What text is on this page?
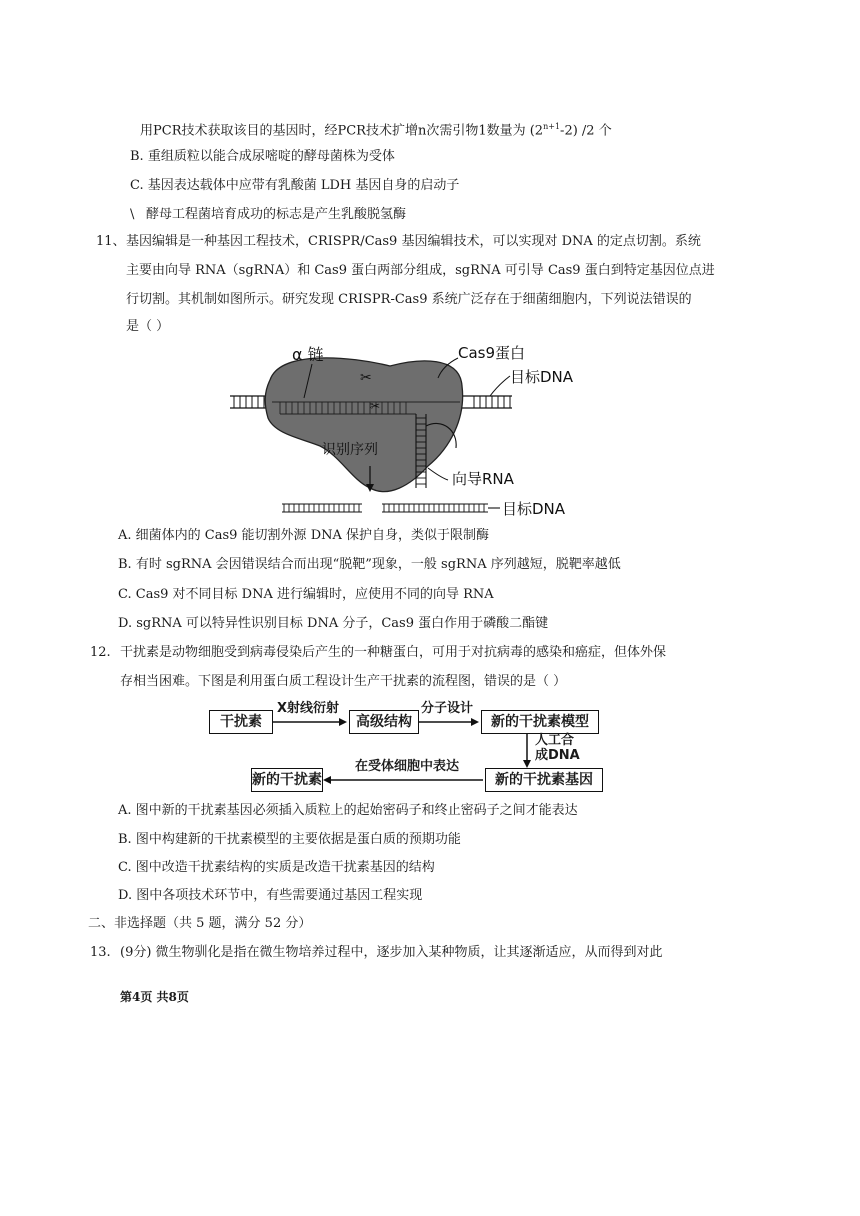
用PCR技术获取该目的基因时，经PCR技术扩增n次需引物1数量为 $(2^{n+1}-2)$ /2 个
B. 重组质粒以能合成尿嘧啶的酵母菌株为受体
C. 基因表达载体中应带有乳酸菌 LDH 基因自身的启动子
\ 酵母工程菌培育成功的标志是产生乳酸脱氢酶
11、 基因编辑是一种基因工程技术，CRISPR/Cas9 基因编辑技术，可以实现对 DNA 的定点切割。系统
主要由向导 RNA（sgRNA）和 Cas9 蛋白两部分组成，sgRNA 可引导 Cas9 蛋白到特定基因位点进
行切割。其机制如图所示。研究发现 CRISPR-Cas9 系统广泛存在于细菌细胞内，下列说法错误的
是（ ）
✂
✂
α 链	Cas9蛋白
目标DNA
识别序列
向导RNA
目标DNA
A. 细菌体内的 Cas9 能切割外源 DNA 保护自身，类似于限制酶
B. 有时 sgRNA 会因错误结合而出现“脱靶”现象，一般 sgRNA 序列越短，脱靶率越低
C. Cas9 对不同目标 DNA 进行编辑时，应使用不同的向导 RNA
D. sgRNA 可以特异性识别目标 DNA 分子，Cas9 蛋白作用于磷酸二酯键
12. 干扰素是动物细胞受到病毒侵染后产生的一种糖蛋白，可用于对抗病毒的感染和癌症，但体外保
存相当困难。下图是利用蛋白质工程设计生产干扰素的流程图，错误的是（ ）
干扰素
X射线衍射
高级结构
分子设计
新的干扰素模型
人工合
成DNA
新的干扰素基因
在受体细胞中表达
新的干扰素
A. 图中新的干扰素基因必须插入质粒上的起始密码子和终止密码子之间才能表达
B. 图中构建新的干扰素模型的主要依据是蛋白质的预期功能
C. 图中改造干扰素结构的实质是改造干扰素基因的结构
D. 图中各项技术环节中，有些需要通过基因工程实现
二、非选择题（共 5 题，满分 52 分）
13. (9分) 微生物驯化是指在微生物培养过程中，逐步加入某种物质，让其逐渐适应，从而得到对此
第4页 共8页
